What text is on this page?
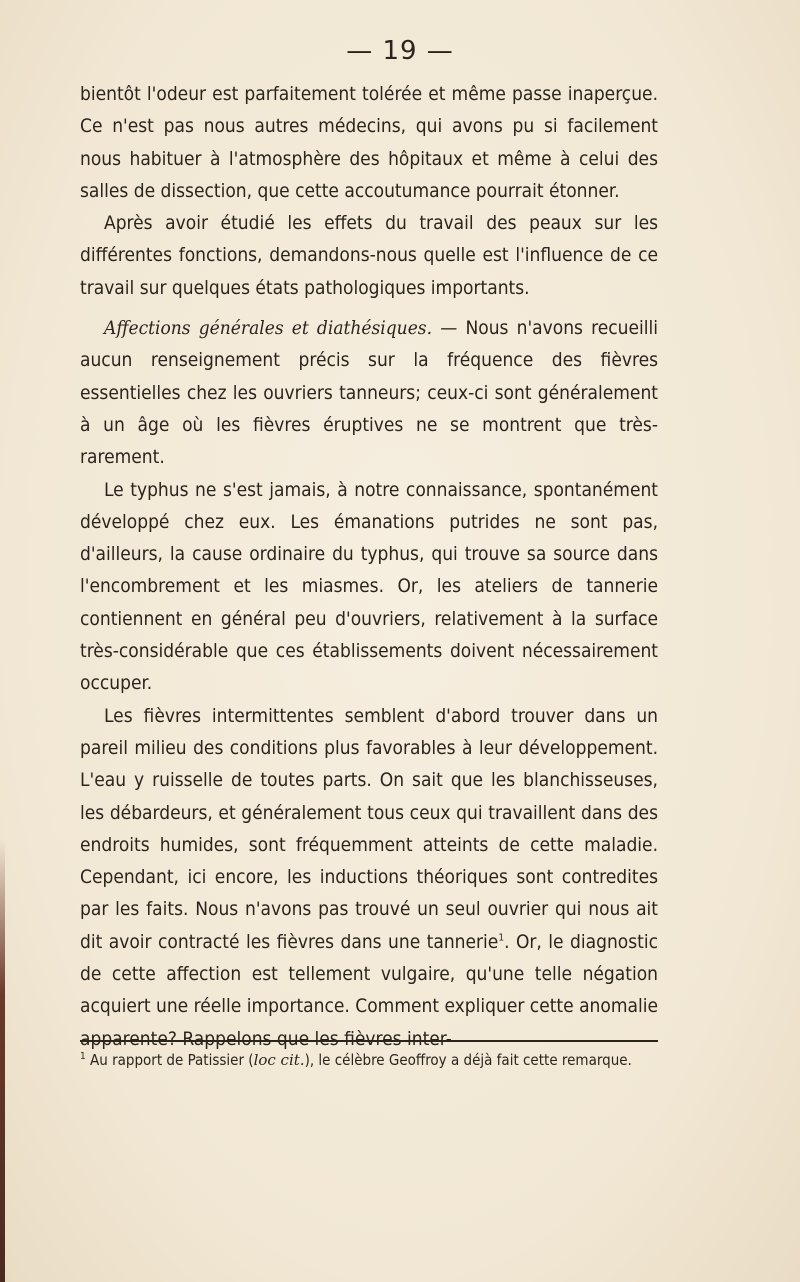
— 19 —

bientôt l'odeur est parfaitement tolérée et même passe inaperçue. Ce n'est pas nous autres médecins, qui avons pu si facilement nous habituer à l'atmosphère des hôpitaux et même à celui des salles de dissection, que cette accoutumance pourrait étonner.

Après avoir étudié les effets du travail des peaux sur les différentes fonctions, demandons-nous quelle est l'influence de ce travail sur quelques états pathologiques importants.

Affections générales et diathésiques. — Nous n'avons recueilli aucun renseignement précis sur la fréquence des fièvres essentielles chez les ouvriers tanneurs; ceux-ci sont généralement à un âge où les fièvres éruptives ne se montrent que très-rarement.

Le typhus ne s'est jamais, à notre connaissance, spontanément développé chez eux. Les émanations putrides ne sont pas, d'ailleurs, la cause ordinaire du typhus, qui trouve sa source dans l'encombrement et les miasmes. Or, les ateliers de tannerie contiennent en général peu d'ouvriers, relativement à la surface très-considérable que ces établissements doivent nécessairement occuper.

Les fièvres intermittentes semblent d'abord trouver dans un pareil milieu des conditions plus favorables à leur développement. L'eau y ruisselle de toutes parts. On sait que les blanchisseuses, les débardeurs, et généralement tous ceux qui travaillent dans des endroits humides, sont fréquemment atteints de cette maladie. Cependant, ici encore, les inductions théoriques sont contredites par les faits. Nous n'avons pas trouvé un seul ouvrier qui nous ait dit avoir contracté les fièvres dans une tannerie$^1$. Or, le diagnostic de cette affection est tellement vulgaire, qu'une telle négation acquiert une réelle importance. Comment expliquer cette anomalie apparente? Rappelons que les fièvres inter-

$^1$ Au rapport de Patissier (loc cit.), le célèbre Geoffroy a déjà fait cette remarque.
